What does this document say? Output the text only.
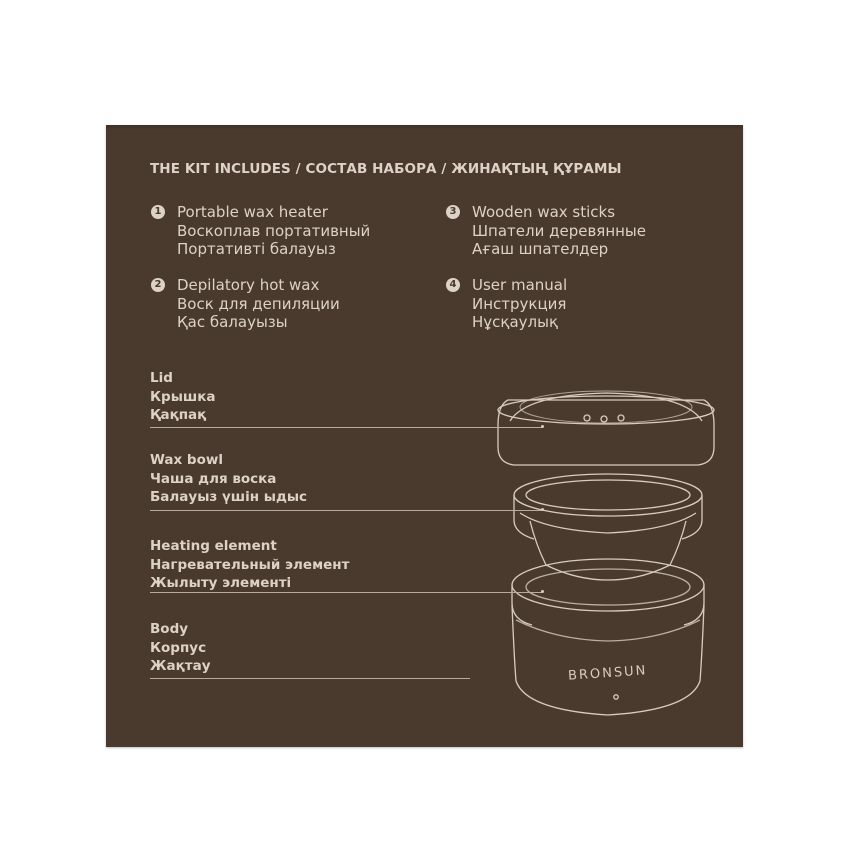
THE KIT INCLUDES / СОСТАВ НАБОРА / ЖИНАҚТЫҢ ҚҰРАМЫ
1 Portable wax heater
Воскоплав портативный
Портативті балауыз
2 Depilatory hot wax
Воск для депиляции
Қас балауызы
3 Wooden wax sticks
Шпатели деревянные
Ағаш шпателдер
4 User manual
Инструкция
Нұсқаулық
BRONSUN
Lid
Крышка
Қақпақ
Wax bowl
Чаша для воска
Балауыз үшін ыдыс
Heating element
Нагревательный элемент
Жылыту элементі
Body
Корпус
Жақтау
